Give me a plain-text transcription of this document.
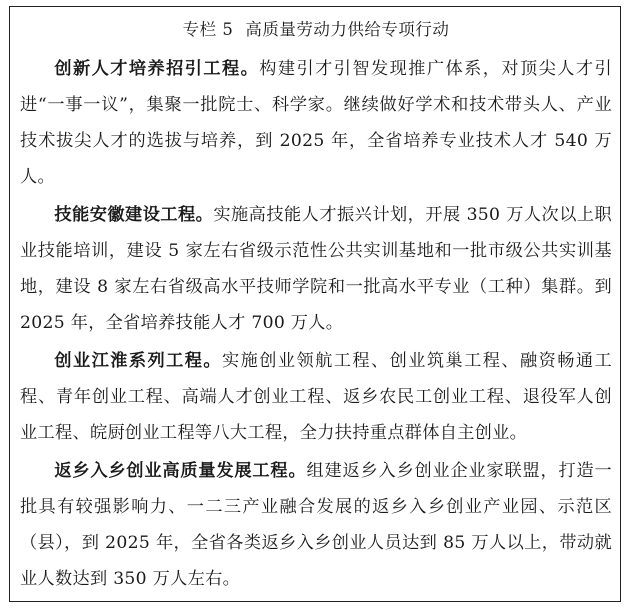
专栏 5 高质量劳动力供给专项行动

创新人才培养招引工程。构建引才引智发现推广体系，对顶尖人才引进“一事一议”，集聚一批院士、科学家。继续做好学术和技术带头人、产业技术拔尖人才的选拔与培养，到 2025 年，全省培养专业技术人才 540 万人。

技能安徽建设工程。实施高技能人才振兴计划，开展 350 万人次以上职业技能培训，建设 5 家左右省级示范性公共实训基地和一批市级公共实训基地，建设 8 家左右省级高水平技师学院和一批高水平专业（工种）集群。到 2025 年，全省培养技能人才 700 万人。

创业江淮系列工程。实施创业领航工程、创业筑巢工程、融资畅通工程、青年创业工程、高端人才创业工程、返乡农民工创业工程、退役军人创业工程、皖厨创业工程等八大工程，全力扶持重点群体自主创业。

返乡入乡创业高质量发展工程。组建返乡入乡创业企业家联盟，打造一批具有较强影响力、一二三产业融合发展的返乡入乡创业产业园、示范区（县），到 2025 年，全省各类返乡入乡创业人员达到 85 万人以上，带动就业人数达到 350 万人左右。
